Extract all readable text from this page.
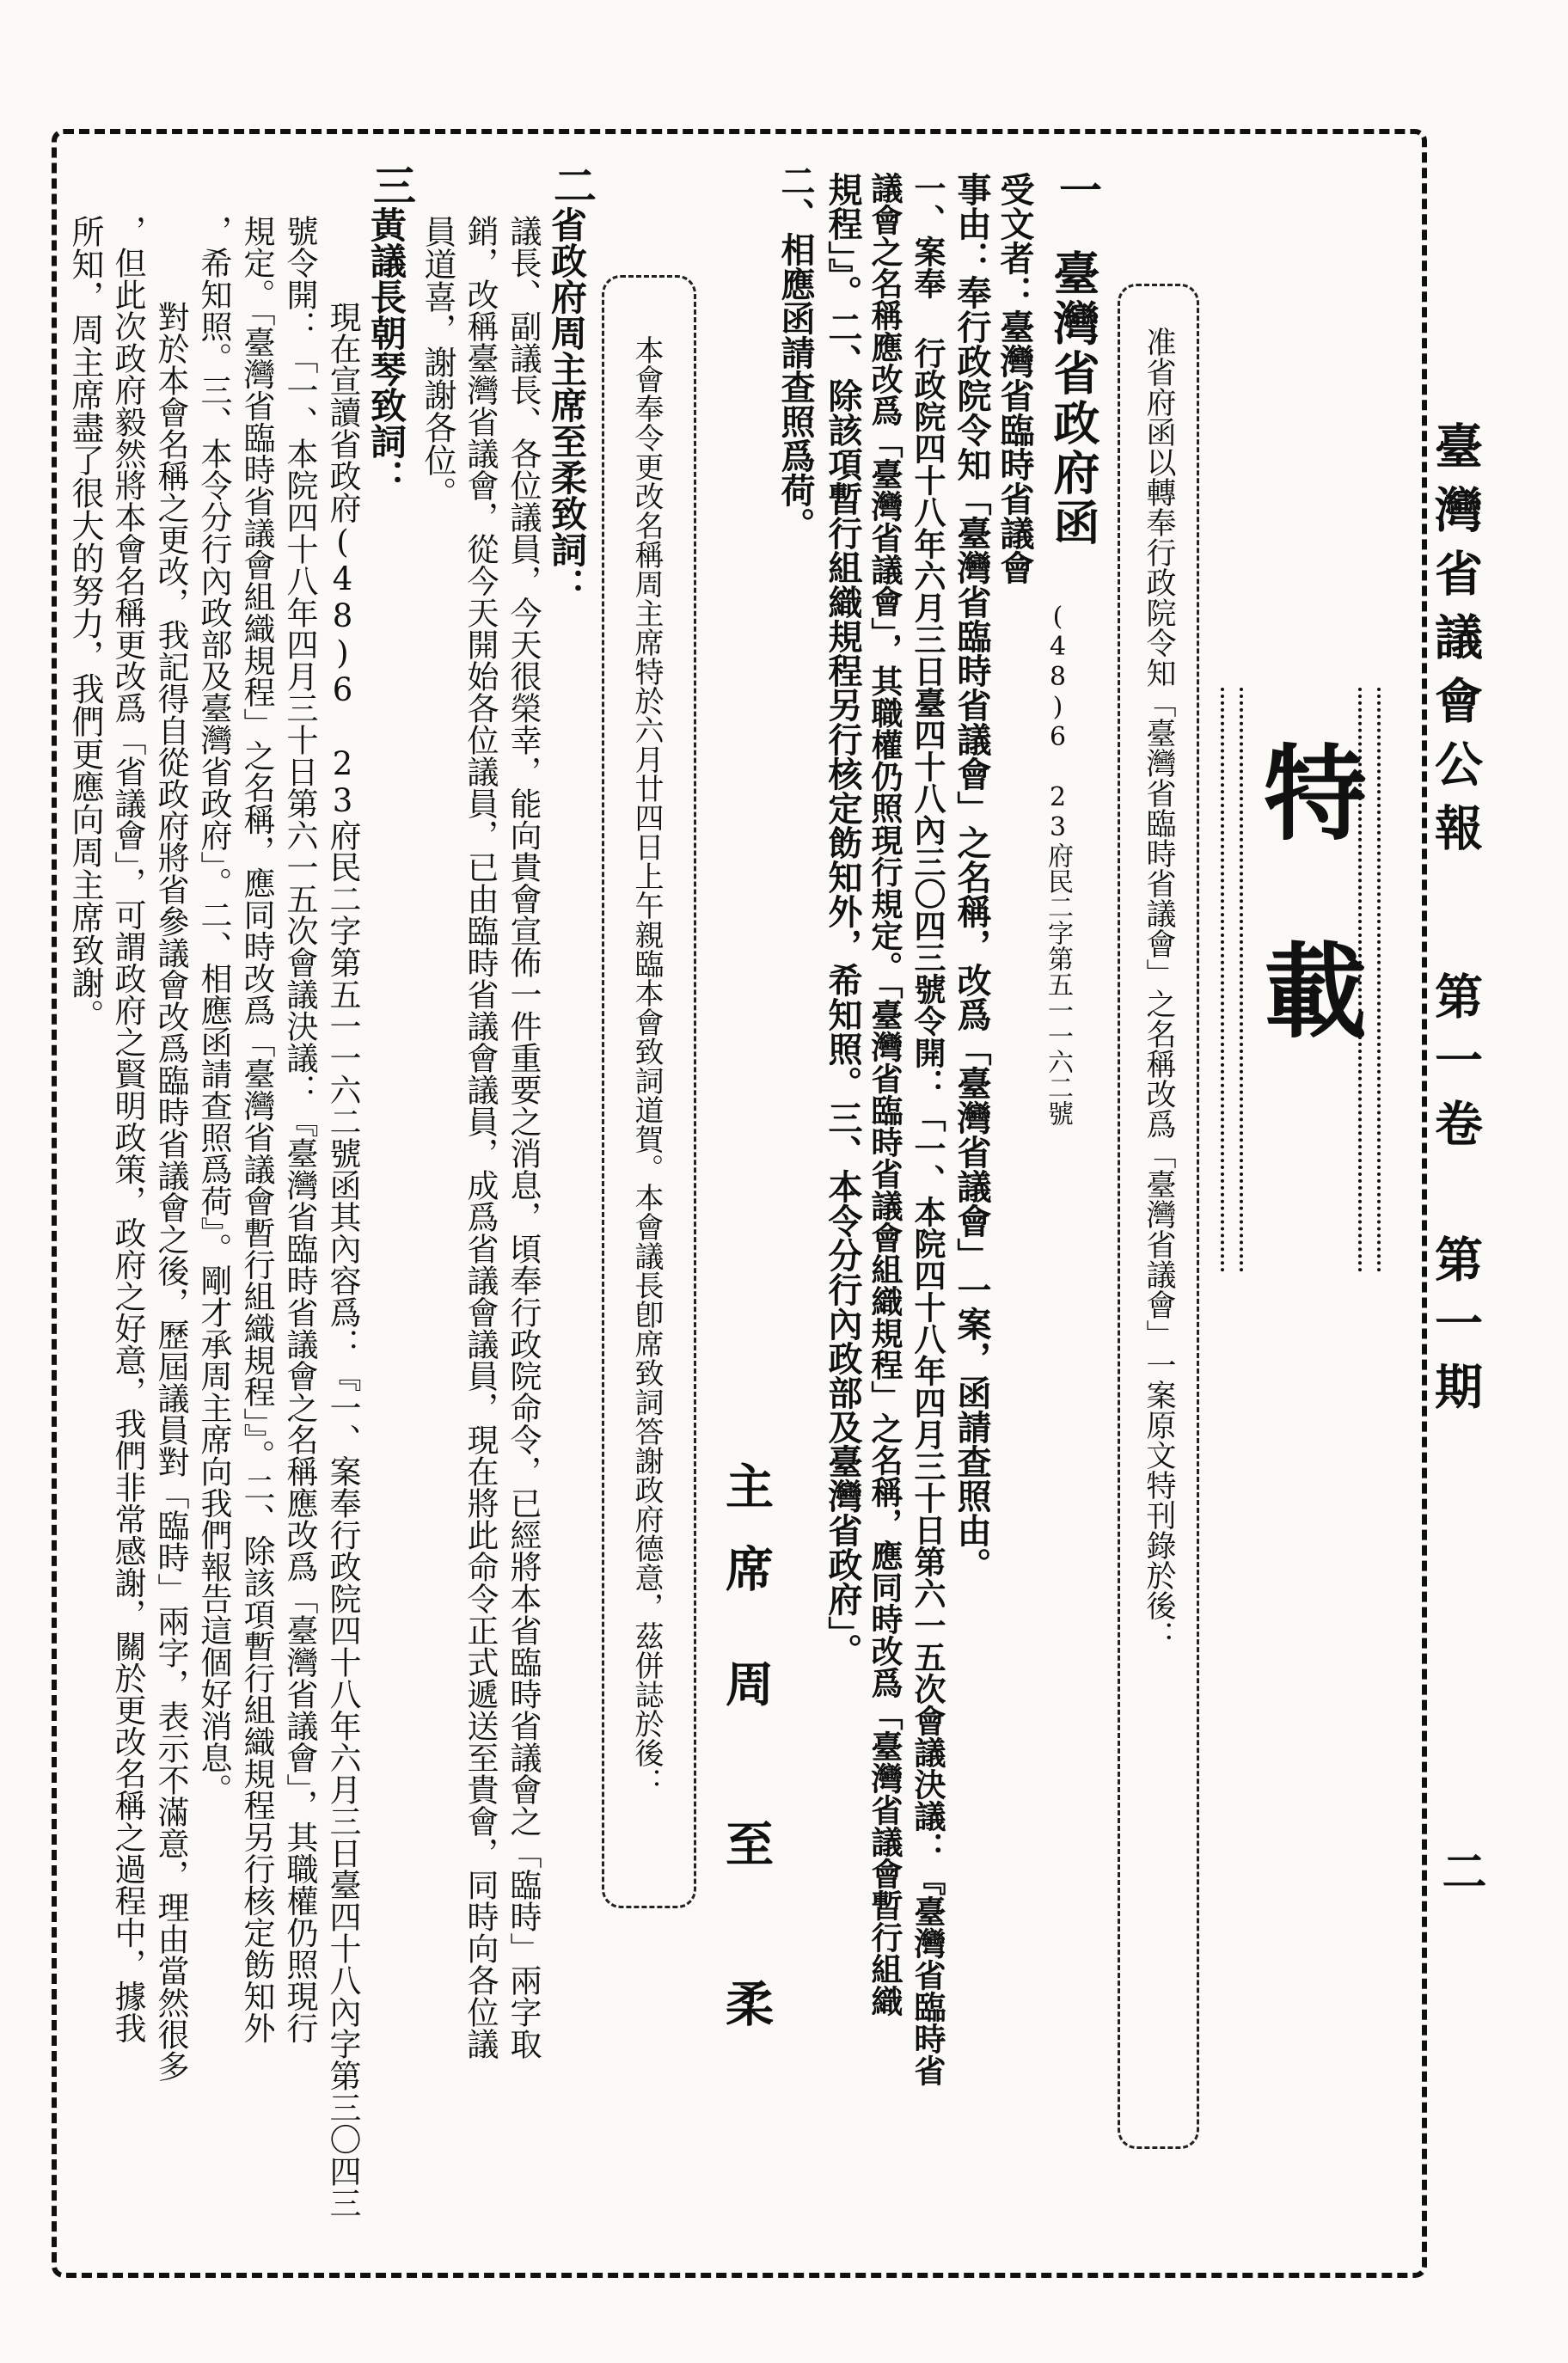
臺灣省議會公報
第一卷 第一期
二
特載
准省府函以轉奉行政院令知「臺灣省臨時省議會」之名稱改爲「臺灣省議會」一案原文特刊錄於後：
一
臺灣省政府函
(48)6 23府民二字第五一一六二號
受文者：臺灣省臨時省議會
事由：奉行政院令知「臺灣省臨時省議會」之名稱，改爲「臺灣省議會」一案，函請查照由。
一、案奉 行政院四十八年六月三日臺四十八內三〇四三號令開：「一、本院四十八年四月三十日第六一五次會議決議：『臺灣省臨時省
議會之名稱應改爲「臺灣省議會」，其職權仍照現行規定。「臺灣省臨時省議會組織規程」之名稱，應同時改爲「臺灣省議會暫行組織
規程」』。二、除該項暫行組織規程另行核定飭知外，希知照。三、本令分行內政部及臺灣省政府」。
二、相應函請查照爲荷。
主席
周至柔
本會奉令更改名稱周主席特於六月廿四日上午親臨本會致詞道賀。本會議長卽席致詞答謝政府德意，茲併誌於後：
二
省政府周主席至柔致詞：
議長、副議長、各位議員，今天很榮幸，能向貴會宣佈一件重要之消息，頃奉行政院命令，已經將本省臨時省議會之「臨時」兩字取
銷，改稱臺灣省議會，從今天開始各位議員，已由臨時省議會議員，成爲省議會議員，現在將此命令正式遞送至貴會，同時向各位議
員道喜，謝謝各位。
三
黃議長朝琴致詞：
現在宣讀省政府(48)6 23府民二字第五一一六二號函其內容爲：『一、案奉行政院四十八年六月三日臺四十八內字第三〇四三
號令開：「一、本院四十八年四月三十日第六一五次會議決議：『臺灣省臨時省議會之名稱應改爲「臺灣省議會」，其職權仍照現行
規定。「臺灣省臨時省議會組織規程」之名稱，應同時改爲「臺灣省議會暫行組織規程」』。二、除該項暫行組織規程另行核定飭知外
，希知照。三、本令分行內政部及臺灣省政府」。二、相應函請查照爲荷』。剛才承周主席向我們報告這個好消息。
對於本會名稱之更改，我記得自從政府將省參議會改爲臨時省議會之後，歷屆議員對「臨時」兩字，表示不滿意，理由當然很多
，但此次政府毅然將本會名稱更改爲「省議會」，可謂政府之賢明政策，政府之好意，我們非常感謝，關於更改名稱之過程中，據我
所知，周主席盡了很大的努力，我們更應向周主席致謝。
